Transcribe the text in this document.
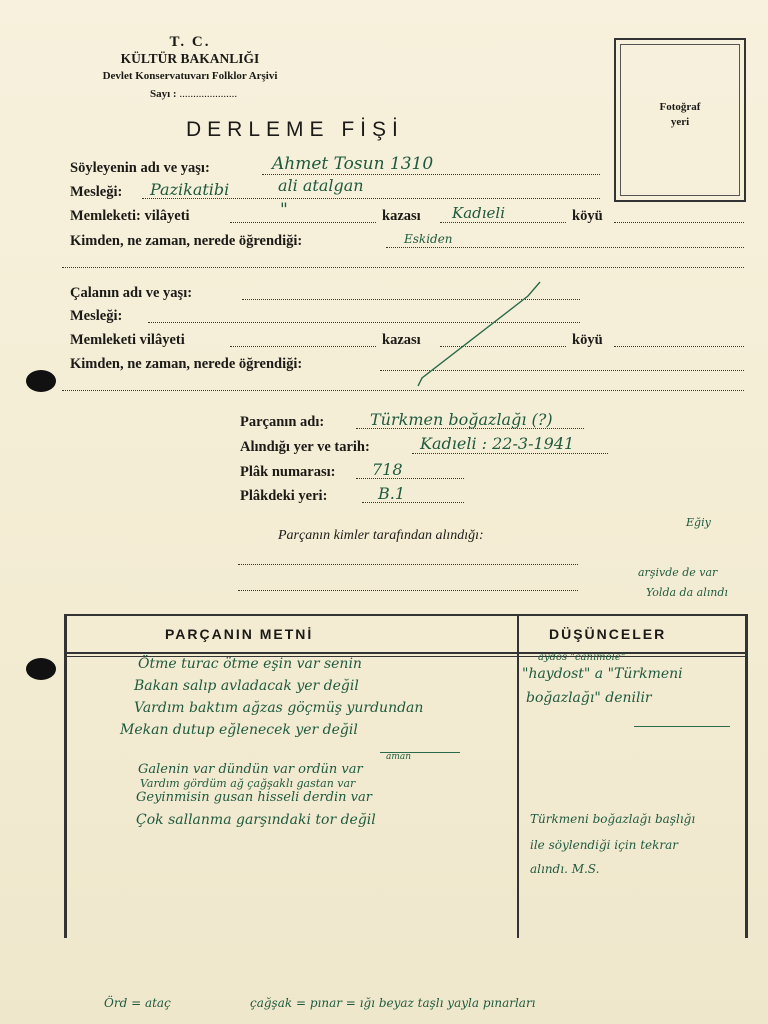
T. C.
KÜLTÜR BAKANLIĞI
Devlet Konservatuvarı Folklor Arşivi
Sayı : .....................
Fotoğraf
yeri
DERLEME FİŞİ
Söyleyenin adı ve yaşı:	Ahmet Tosun 1310
Mesleği: Pazikatibi	ali atalgan
Memleketi: vilâyeti	"	kazası Kadıeli	köyü
Kimden, ne zaman, nerede öğrendiği:	Eskiden
Çalanın adı ve yaşı:
Mesleği:
Memleketi vilâyeti	kazası	köyü
Kimden, ne zaman, nerede öğrendiği:
Parçanın adı:	Türkmen boğazlağı (?)
Alındığı yer ve tarih:	Kadıeli : 22-3-1941
Plâk numarası: 718
Plâkdeki yeri:	B.1
Eğiy
Parçanın kimler tarafından alındığı:
arşivde de var
Yolda da alındı
PARÇANIN METNİ	DÜŞÜNCELER
Ötme turac ötme eşin var senin
Bakan salıp avladacak yer değil
Vardım baktım ağzas göçmüş yurdundan
Mekan dutup eğlenecek yer değil
aman
Galenin var dündün var ordün var
Vardım gördüm ağ çağşaklı gastan var
Geyinmisin gusan hisseli derdin var
Çok sallanma garşındaki tor değil
aydos "canımole"
"haydost" a "Türkmeni
boğazlağı" denilir
Türkmeni boğazlağı başlığı
ile söylendiği için tekrar
alındı. M.S.
Örd = ataç	çağşak = pınar = ığı beyaz taşlı yayla pınarları
